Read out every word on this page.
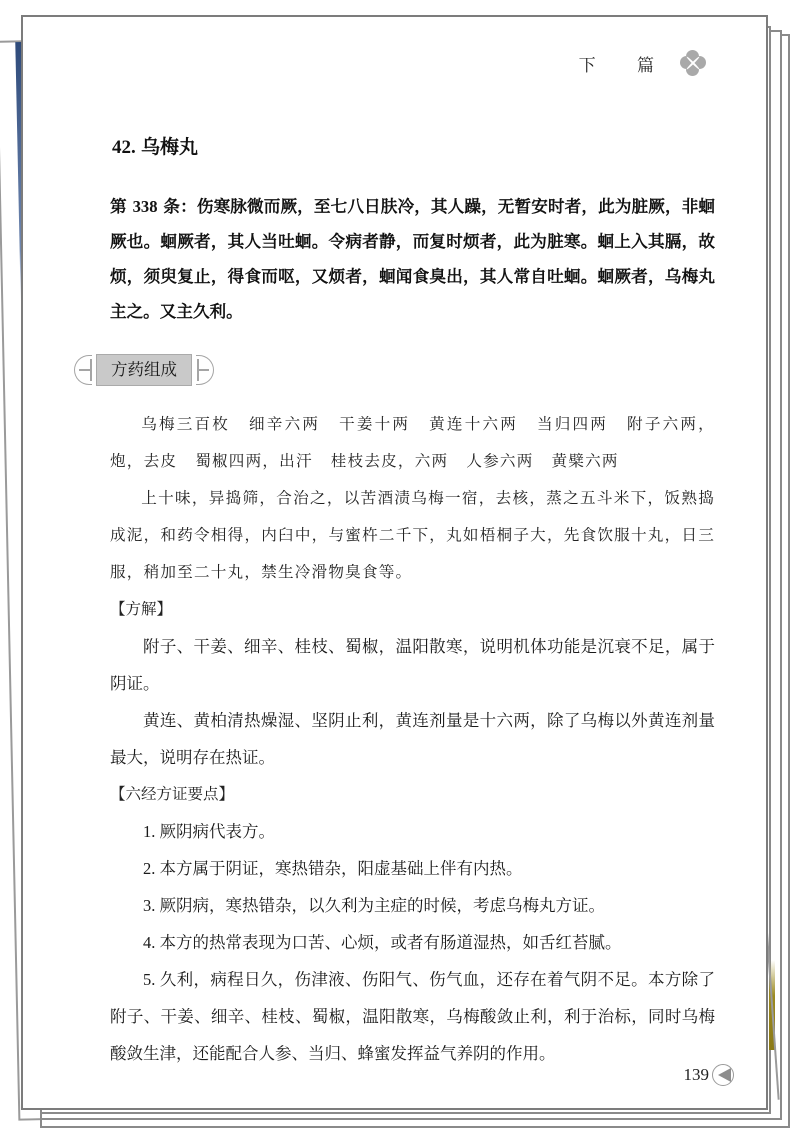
下 篇
42. 乌梅丸

第 338 条：伤寒脉微而厥，至七八日肤冷，其人躁，无暂安时者，此为脏厥，非蛔厥也。蛔厥者，其人当吐蛔。令病者静，而复时烦者，此为脏寒。蛔上入其膈，故烦，须臾复止，得食而呕，又烦者，蛔闻食臭出，其人常自吐蛔。蛔厥者，乌梅丸主之。又主久利。

方药组成

乌梅三百枚 细辛六两 干姜十两 黄连十六两 当归四两 附子六两，炮，去皮 蜀椒四两，出汗 桂枝去皮，六两 人参六两 黄檗六两

上十味，异捣筛，合治之，以苦酒渍乌梅一宿，去核，蒸之五斗米下，饭熟捣成泥，和药令相得，内臼中，与蜜杵二千下，丸如梧桐子大，先食饮服十丸，日三服，稍加至二十丸，禁生冷滑物臭食等。

【方解】

附子、干姜、细辛、桂枝、蜀椒，温阳散寒，说明机体功能是沉衰不足，属于阴证。

黄连、黄柏清热燥湿、坚阴止利，黄连剂量是十六两，除了乌梅以外黄连剂量最大，说明存在热证。

【六经方证要点】

1. 厥阴病代表方。

2. 本方属于阴证，寒热错杂，阳虚基础上伴有内热。

3. 厥阴病，寒热错杂，以久利为主症的时候，考虑乌梅丸方证。

4. 本方的热常表现为口苦、心烦，或者有肠道湿热，如舌红苔腻。

5. 久利，病程日久，伤津液、伤阳气、伤气血，还存在着气阴不足。本方除了附子、干姜、细辛、桂枝、蜀椒，温阳散寒，乌梅酸敛止利，利于治标，同时乌梅酸敛生津，还能配合人参、当归、蜂蜜发挥益气养阴的作用。

139
